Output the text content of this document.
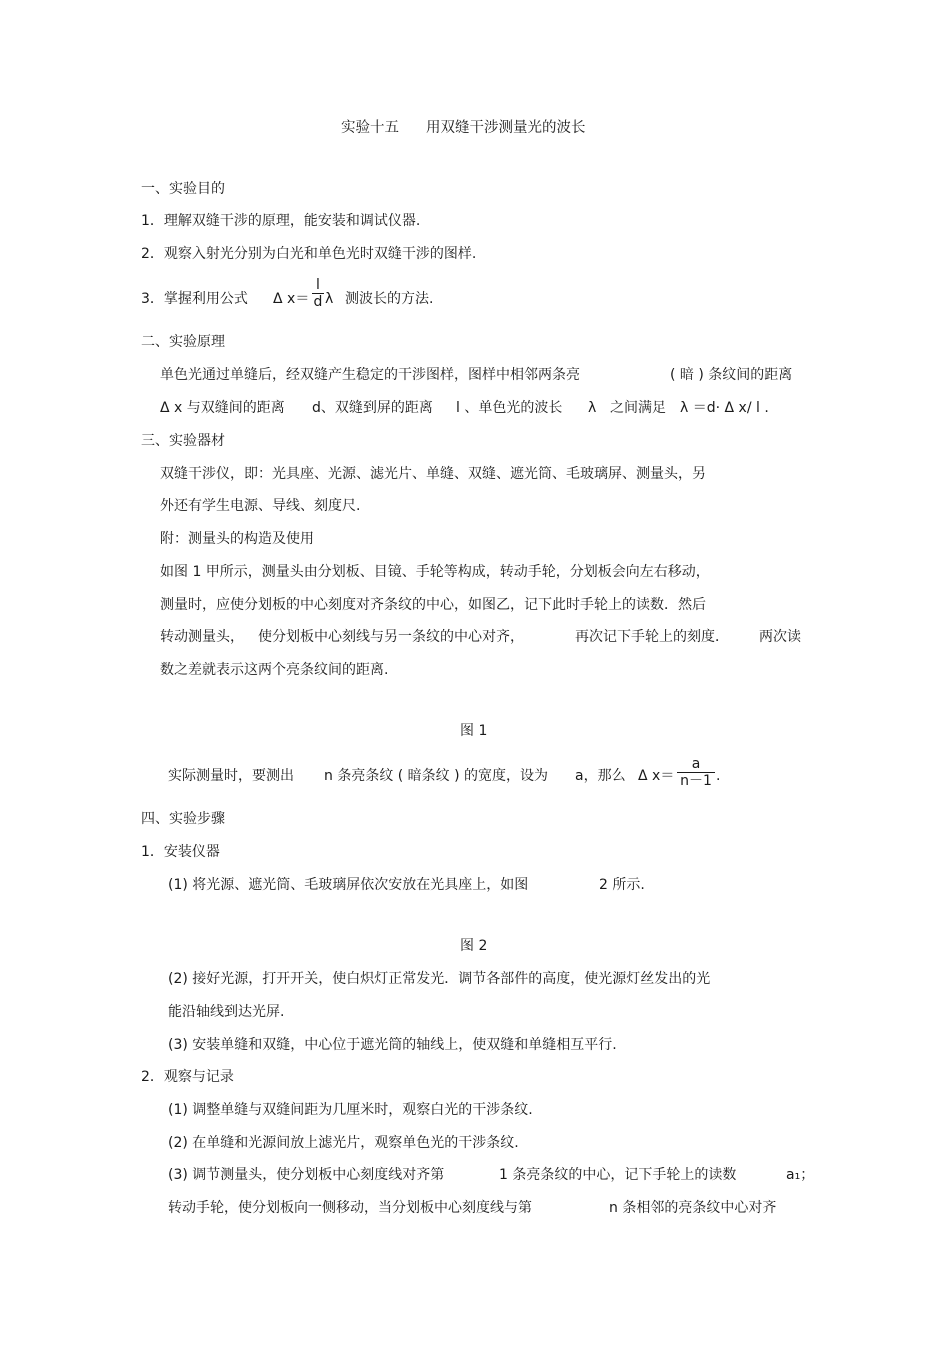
实验十五 用双缝干涉测量光的波长
一、实验目的
1．理解双缝干涉的原理，能安装和调试仪器.
2．观察入射光分别为白光和单色光时双缝干涉的图样.
3．掌握利用公式 Δ x＝
l
d λ 测波长的方法.
二、实验原理
单色光通过单缝后，经双缝产生稳定的干涉图样，图样中相邻两条亮	( 暗 ) 条纹间的距离
Δ x 与双缝间的距离 d、双缝到屏的距离 l 、单色光的波长 λ 之间满足 λ ＝d· Δ x/ l .
三、实验器材
双缝干涉仪，即：光具座、光源、滤光片、单缝、双缝、遮光筒、毛玻璃屏、测量头，另
外还有学生电源、导线、刻度尺.
附：测量头的构造及使用
如图 1 甲所示，测量头由分划板、目镜、手轮等构成，转动手轮，分划板会向左右移动，
测量时，应使分划板的中心刻度对齐条纹的中心，如图乙，记下此时手轮上的读数．然后
转动测量头， 使分划板中心刻线与另一条纹的中心对齐，	再次记下手轮上的刻度． 两次读
数之差就表示这两个亮条纹间的距离.
图 1
实际测量时，要测出 n 条亮条纹 ( 暗条纹 ) 的宽度，设为 a，那么 Δ x＝
a
n－1 .
四、实验步骤
1．安装仪器
(1) 将光源、遮光筒、毛玻璃屏依次安放在光具座上，如图	2 所示.
图 2
(2) 接好光源，打开开关，使白炽灯正常发光．调节各部件的高度，使光源灯丝发出的光
能沿轴线到达光屏.
(3) 安装单缝和双缝，中心位于遮光筒的轴线上，使双缝和单缝相互平行.
2．观察与记录
(1) 调整单缝与双缝间距为几厘米时，观察白光的干涉条纹.
(2) 在单缝和光源间放上滤光片，观察单色光的干涉条纹.
(3) 调节测量头，使分划板中心刻度线对齐第	1 条亮条纹的中心，记下手轮上的读数	a₁；
转动手轮，使分划板向一侧移动，当分划板中心刻度线与第	n 条相邻的亮条纹中心对齐
